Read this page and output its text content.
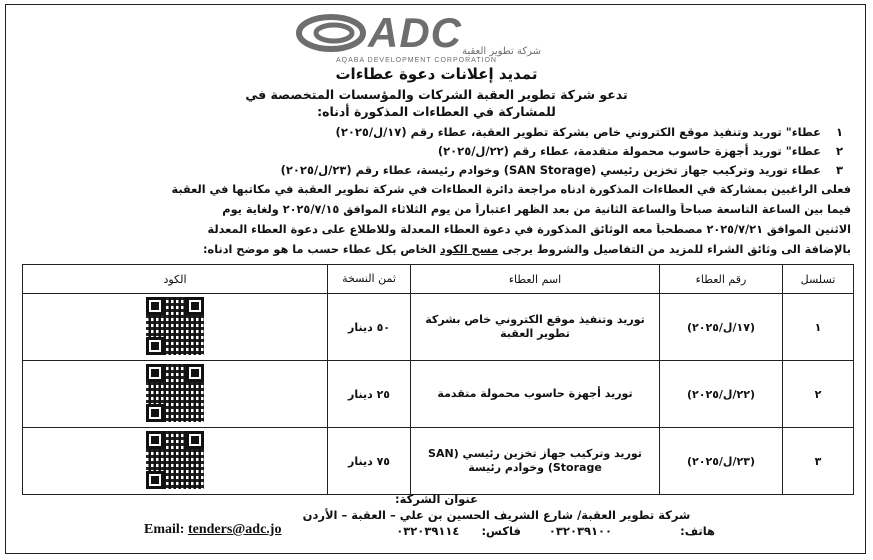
ADC شركة تطوير العقبة
AQABA DEVELOPMENT CORPORATION
تمديد إعلانات دعوة عطاءات
تدعو شركة تطوير العقبة الشركات والمؤسسات المتخصصة في
للمشاركة في العطاءات المذكورة أدناه:
١ عطاء" توريد وتنفيذ موقع الكتروني خاص بشركة تطوير العقبة، عطاء رقم (١٧/ل/٢٠٢٥)
٢ عطاء" توريد أجهزة حاسوب محمولة متقدمة، عطاء رقم (٢٢/ل/٢٠٢٥)
٣ عطاء توريد وتركيب جهاز تخزين رئيسي (SAN Storage) وخوادم رئيسة، عطاء رقم (٢٣/ل/٢٠٢٥)
فعلى الراغبين بمشاركة في العطاءات المذكورة ادناه مراجعة دائرة العطاءات في شركة تطوير العقبة في مكاتبها في العقبة
فيما بين الساعة التاسعة صباحاً والساعة الثانية من بعد الظهر اعتباراً من يوم الثلاثاء الموافق ٢٠٢٥/٧/١٥ ولغاية يوم
الاثنين الموافق ٢٠٢٥/٧/٢١ مصطحباً معه الوثائق المذكورة في دعوة العطاء المعدلة وللاطلاع على دعوة العطاء المعدلة
بالإضافة الى وثائق الشراء للمزيد من التفاصيل والشروط يرجى مسح الكود الخاص بكل عطاء حسب ما هو موضح ادناه:
تسلسل	رقم العطاء	اسم العطاء	ثمن النسخة	الكود
١	(١٧/ل/٢٠٢٥)	توريد وتنفيذ موقع الكتروني خاص بشركة تطوير العقبة	٥٠ دينار	

٢	(٢٢/ل/٢٠٢٥)	توريد أجهزة حاسوب محمولة متقدمة	٢٥ دينار	

٣	(٢٣/ل/٢٠٢٥)	توريد وتركيب جهاز تخزين رئيسي (SAN Storage) وخوادم رئيسة	٧٥ دينار	
عنوان الشركة:
شركة تطوير العقبة/ شارع الشريف الحسين بن علي – العقبة – الأردن
هاتف:  ٠٣٢٠٣٩١٠٠  فاكس:  ٠٣٢٠٣٩١١٤
Email: tenders@adc.jo
